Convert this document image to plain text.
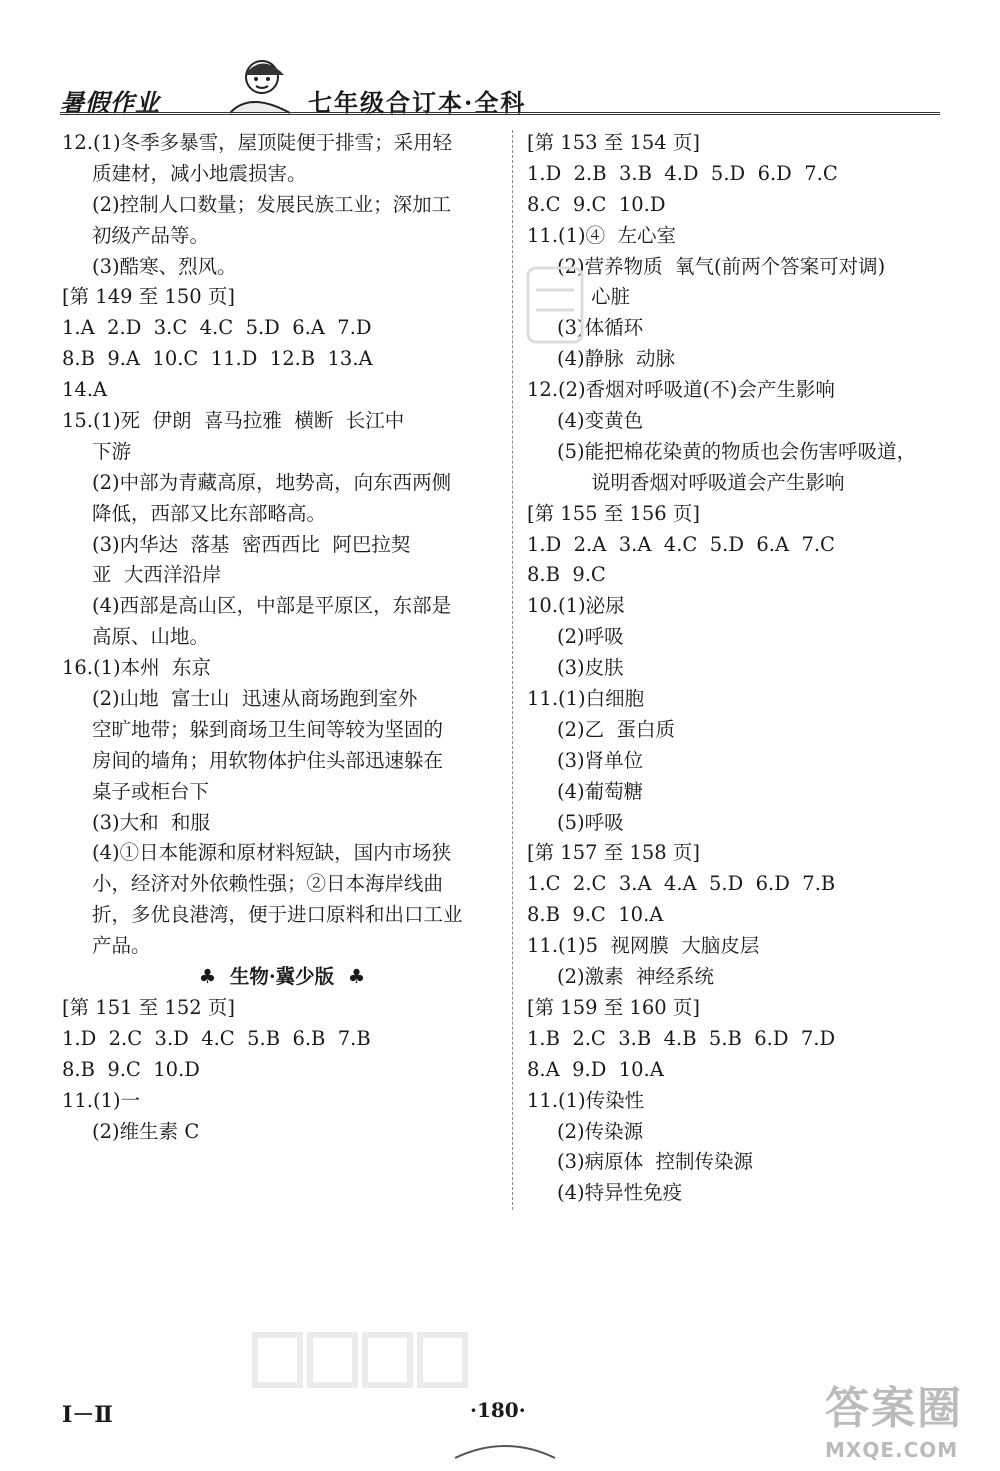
暑假作业	七年级合订本·全科
12.(1)冬季多暴雪，屋顶陡便于排雪；采用轻
质建材，减小地震损害。
(2)控制人口数量；发展民族工业；深加工
初级产品等。
(3)酷寒、烈风。
[第 149 至 150 页]
1.A  2.D  3.C  4.C  5.D  6.A  7.D
8.B  9.A  10.C  11.D  12.B  13.A
14.A
15.(1)死  伊朗  喜马拉雅  横断  长江中
下游
(2)中部为青藏高原，地势高，向东西两侧
降低，西部又比东部略高。
(3)内华达  落基  密西西比  阿巴拉契
亚  大西洋沿岸
(4)西部是高山区，中部是平原区，东部是
高原、山地。
16.(1)本州  东京
(2)山地  富士山  迅速从商场跑到室外
空旷地带；躲到商场卫生间等较为坚固的
房间的墙角；用软物体护住头部迅速躲在
桌子或柜台下
(3)大和  和服
(4)①日本能源和原材料短缺，国内市场狭
小，经济对外依赖性强；②日本海岸线曲
折，多优良港湾，便于进口原料和出口工业
产品。
♣  生物·冀少版  ♣
[第 151 至 152 页]
1.D  2.C  3.D  4.C  5.B  6.B  7.B
8.B  9.C  10.D
11.(1)一
(2)维生素 C
[第 153 至 154 页]
1.D  2.B  3.B  4.D  5.D  6.D  7.C
8.C  9.C  10.D
11.(1)④  左心室
(2)营养物质  氧气(前两个答案可对调)
心脏
(3)体循环
(4)静脉  动脉
12.(2)香烟对呼吸道(不)会产生影响
(4)变黄色
(5)能把棉花染黄的物质也会伤害呼吸道，
说明香烟对呼吸道会产生影响
[第 155 至 156 页]
1.D  2.A  3.A  4.C  5.D  6.A  7.C
8.B  9.C
10.(1)泌尿
(2)呼吸
(3)皮肤
11.(1)白细胞
(2)乙  蛋白质
(3)肾单位
(4)葡萄糖
(5)呼吸
[第 157 至 158 页]
1.C  2.C  3.A  4.A  5.D  6.D  7.B
8.B  9.C  10.A
11.(1)5  视网膜  大脑皮层
(2)激素  神经系统
[第 159 至 160 页]
1.B  2.C  3.B  4.B  5.B  6.D  7.D
8.A  9.D  10.A
11.(1)传染性
(2)传染源
(3)病原体  控制传染源
(4)特异性免疫
Ⅰ－Ⅱ	·180·	答案圈
MXQE.COM
